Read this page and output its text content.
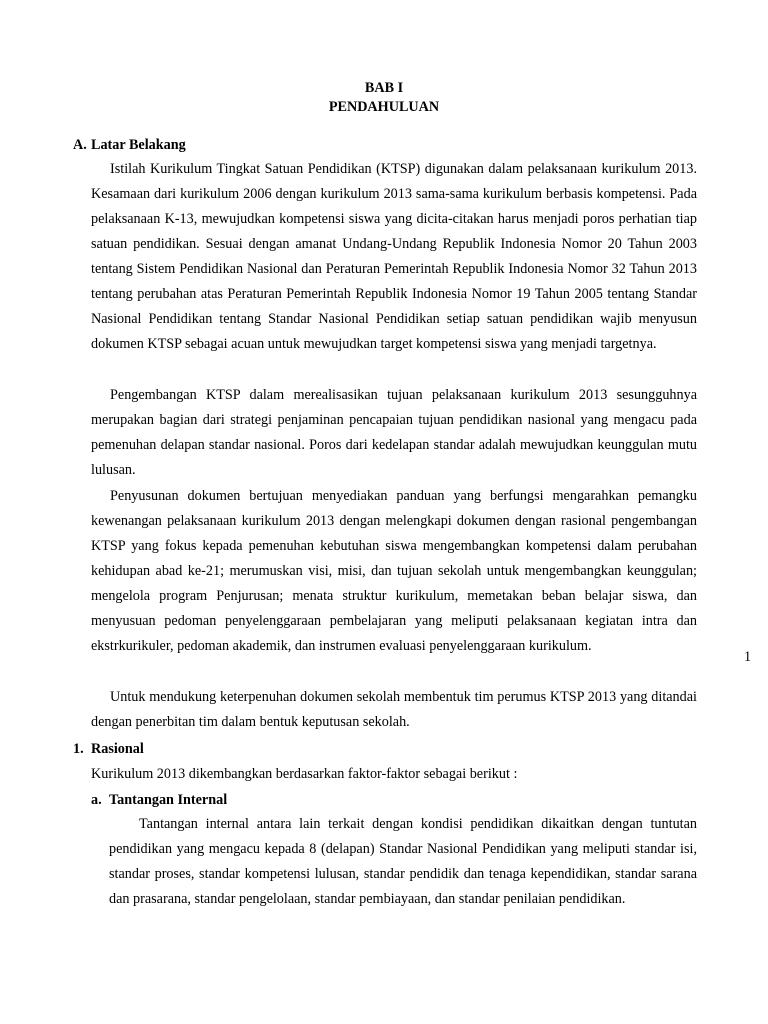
BAB I
PENDAHULUAN
A. Latar Belakang

Istilah Kurikulum Tingkat Satuan Pendidikan (KTSP) digunakan dalam pelaksanaan kurikulum 2013. Kesamaan dari kurikulum 2006 dengan kurikulum 2013 sama-sama kurikulum berbasis kompetensi. Pada pelaksanaan K-13, mewujudkan kompetensi siswa yang dicita-citakan harus menjadi poros perhatian tiap satuan pendidikan. Sesuai dengan amanat Undang-Undang Republik Indonesia Nomor 20 Tahun 2003 tentang Sistem Pendidikan Nasional dan Peraturan Pemerintah Republik Indonesia Nomor 32 Tahun 2013 tentang perubahan atas Peraturan Pemerintah Republik Indonesia Nomor 19 Tahun 2005 tentang Standar Nasional Pendidikan tentang Standar Nasional Pendidikan setiap satuan pendidikan wajib menyusun dokumen KTSP sebagai acuan untuk mewujudkan target kompetensi siswa yang menjadi targetnya.

Pengembangan KTSP dalam merealisasikan tujuan pelaksanaan kurikulum 2013 sesungguhnya merupakan bagian dari strategi penjaminan pencapaian tujuan pendidikan nasional yang mengacu pada pemenuhan delapan standar nasional. Poros dari kedelapan standar adalah mewujudkan keunggulan mutu lulusan.

Penyusunan dokumen bertujuan menyediakan panduan yang berfungsi mengarahkan pemangku kewenangan pelaksanaan kurikulum 2013 dengan melengkapi dokumen dengan rasional pengembangan KTSP yang fokus kepada pemenuhan kebutuhan siswa mengembangkan kompetensi dalam perubahan kehidupan abad ke-21; merumuskan visi, misi, dan tujuan sekolah untuk mengembangkan keunggulan; mengelola program Penjurusan; menata struktur kurikulum, memetakan beban belajar siswa, dan menyusuan pedoman penyelenggaraan pembelajaran yang meliputi pelaksanaan kegiatan intra dan ekstrkurikuler, pedoman akademik, dan instrumen evaluasi penyelenggaraan kurikulum.

Untuk mendukung keterpenuhan dokumen sekolah membentuk tim perumus KTSP 2013 yang ditandai dengan penerbitan tim dalam bentuk keputusan sekolah.

1. Rasional
Kurikulum 2013 dikembangkan berdasarkan faktor-faktor sebagai berikut :
a. Tantangan Internal

Tantangan internal antara lain terkait dengan kondisi pendidikan dikaitkan dengan tuntutan pendidikan yang mengacu kepada 8 (delapan) Standar Nasional Pendidikan yang meliputi standar isi, standar proses, standar kompetensi lulusan, standar pendidik dan tenaga kependidikan, standar sarana dan prasarana, standar pengelolaan, standar pembiayaan, dan standar penilaian pendidikan.

1
